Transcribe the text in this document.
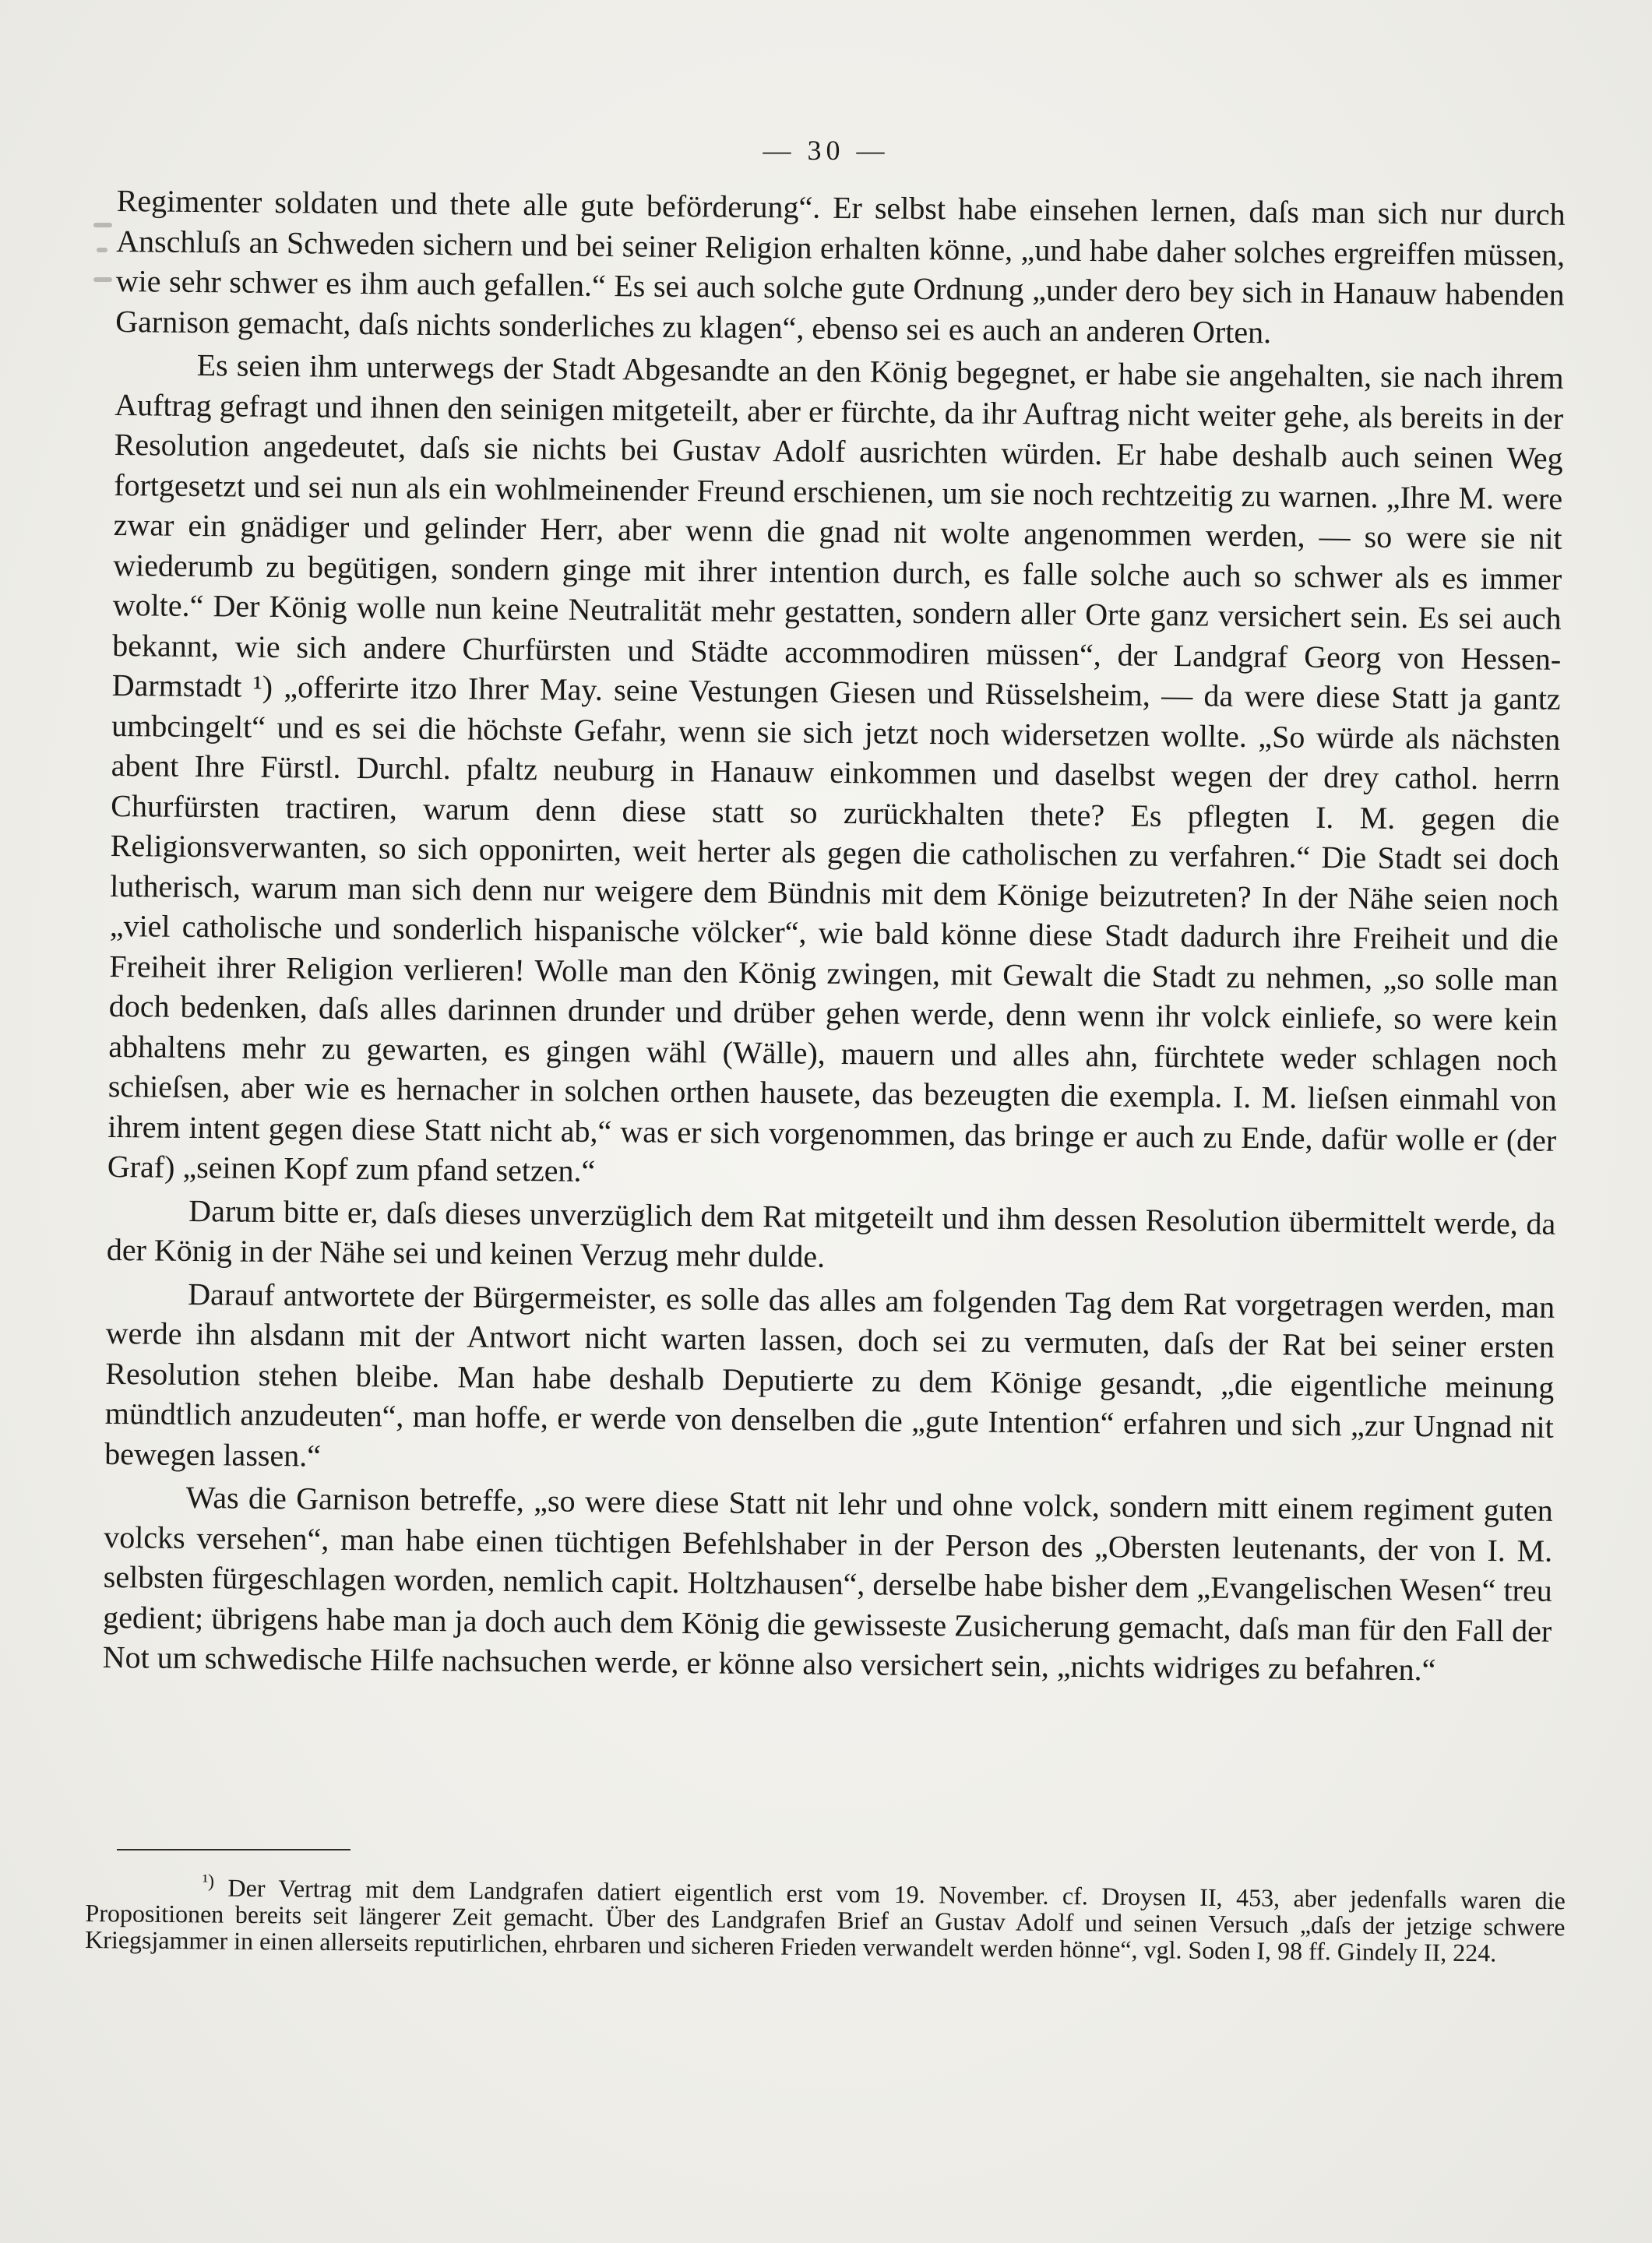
— 30 —

Regimenter soldaten und thete alle gute beförderung“. Er selbst habe einsehen lernen, daſs man sich nur durch Anschluſs an Schweden sichern und bei seiner Religion erhalten könne, „und habe daher solches ergreiffen müssen, wie sehr schwer es ihm auch gefallen.“ Es sei auch solche gute Ordnung „under dero bey sich in Hanauw habenden Garnison gemacht, daſs nichts sonderliches zu klagen“, ebenso sei es auch an anderen Orten.

Es seien ihm unterwegs der Stadt Abgesandte an den König begegnet, er habe sie angehalten, sie nach ihrem Auftrag gefragt und ihnen den seinigen mitgeteilt, aber er fürchte, da ihr Auftrag nicht weiter gehe, als bereits in der Resolution angedeutet, daſs sie nichts bei Gustav Adolf ausrichten würden. Er habe deshalb auch seinen Weg fortgesetzt und sei nun als ein wohlmeinender Freund erschienen, um sie noch rechtzeitig zu warnen. „Ihre M. were zwar ein gnädiger und gelinder Herr, aber wenn die gnad nit wolte angenommen werden, — so were sie nit wiederumb zu begütigen, sondern ginge mit ihrer intention durch, es falle solche auch so schwer als es immer wolte.“ Der König wolle nun keine Neutralität mehr gestatten, sondern aller Orte ganz versichert sein. Es sei auch bekannt, wie sich andere Churfürsten und Städte accommodiren müssen“, der Landgraf Georg von Hessen-Darmstadt ¹) „offerirte itzo Ihrer May. seine Vestungen Giesen und Rüsselsheim, — da were diese Statt ja gantz umbcingelt“ und es sei die höchste Gefahr, wenn sie sich jetzt noch widersetzen wollte. „So würde als nächsten abent Ihre Fürstl. Durchl. pfaltz neuburg in Hanauw einkommen und daselbst wegen der drey cathol. herrn Churfürsten tractiren, warum denn diese statt so zurückhalten thete? Es pflegten I. M. gegen die Religionsverwanten, so sich opponirten, weit herter als gegen die catholischen zu verfahren.“ Die Stadt sei doch lutherisch, warum man sich denn nur weigere dem Bündnis mit dem Könige beizutreten? In der Nähe seien noch „viel catholische und sonderlich hispanische völcker“, wie bald könne diese Stadt dadurch ihre Freiheit und die Freiheit ihrer Religion verlieren! Wolle man den König zwingen, mit Gewalt die Stadt zu nehmen, „so solle man doch bedenken, daſs alles darinnen drunder und drüber gehen werde, denn wenn ihr volck einliefe, so were kein abhaltens mehr zu gewarten, es gingen wähl (Wälle), mauern und alles ahn, fürchtete weder schlagen noch schieſsen, aber wie es hernacher in solchen orthen hausete, das bezeugten die exempla. I. M. lieſsen einmahl von ihrem intent gegen diese Statt nicht ab,“ was er sich vorgenommen, das bringe er auch zu Ende, dafür wolle er (der Graf) „seinen Kopf zum pfand setzen.“

Darum bitte er, daſs dieses unverzüglich dem Rat mitgeteilt und ihm dessen Resolution übermittelt werde, da der König in der Nähe sei und keinen Verzug mehr dulde.

Darauf antwortete der Bürgermeister, es solle das alles am folgenden Tag dem Rat vorgetragen werden, man werde ihn alsdann mit der Antwort nicht warten lassen, doch sei zu vermuten, daſs der Rat bei seiner ersten Resolution stehen bleibe. Man habe deshalb Deputierte zu dem Könige gesandt, „die eigentliche meinung mündtlich anzudeuten“, man hoffe, er werde von denselben die „gute Intention“ erfahren und sich „zur Ungnad nit bewegen lassen.“

Was die Garnison betreffe, „so were diese Statt nit lehr und ohne volck, sondern mitt einem regiment guten volcks versehen“, man habe einen tüchtigen Befehlshaber in der Person des „Obersten leutenants, der von I. M. selbsten fürgeschlagen worden, nemlich capit. Holtzhausen“, derselbe habe bisher dem „Evangelischen Wesen“ treu gedient; übrigens habe man ja doch auch dem König die gewisseste Zusicherung gemacht, daſs man für den Fall der Not um schwedische Hilfe nachsuchen werde, er könne also versichert sein, „nichts widriges zu befahren.“

$^{^1)}$ Der Vertrag mit dem Landgrafen datiert eigentlich erst vom 19. November. cf. Droysen II, 453, aber jedenfalls waren die Propositionen bereits seit längerer Zeit gemacht. Über des Landgrafen Brief an Gustav Adolf und seinen Versuch „daſs der jetzige schwere Kriegsjammer in einen allerseits reputirlichen, ehrbaren und sicheren Frieden verwandelt werden hönne“, vgl. Soden I, 98 ff. Gindely II, 224.
